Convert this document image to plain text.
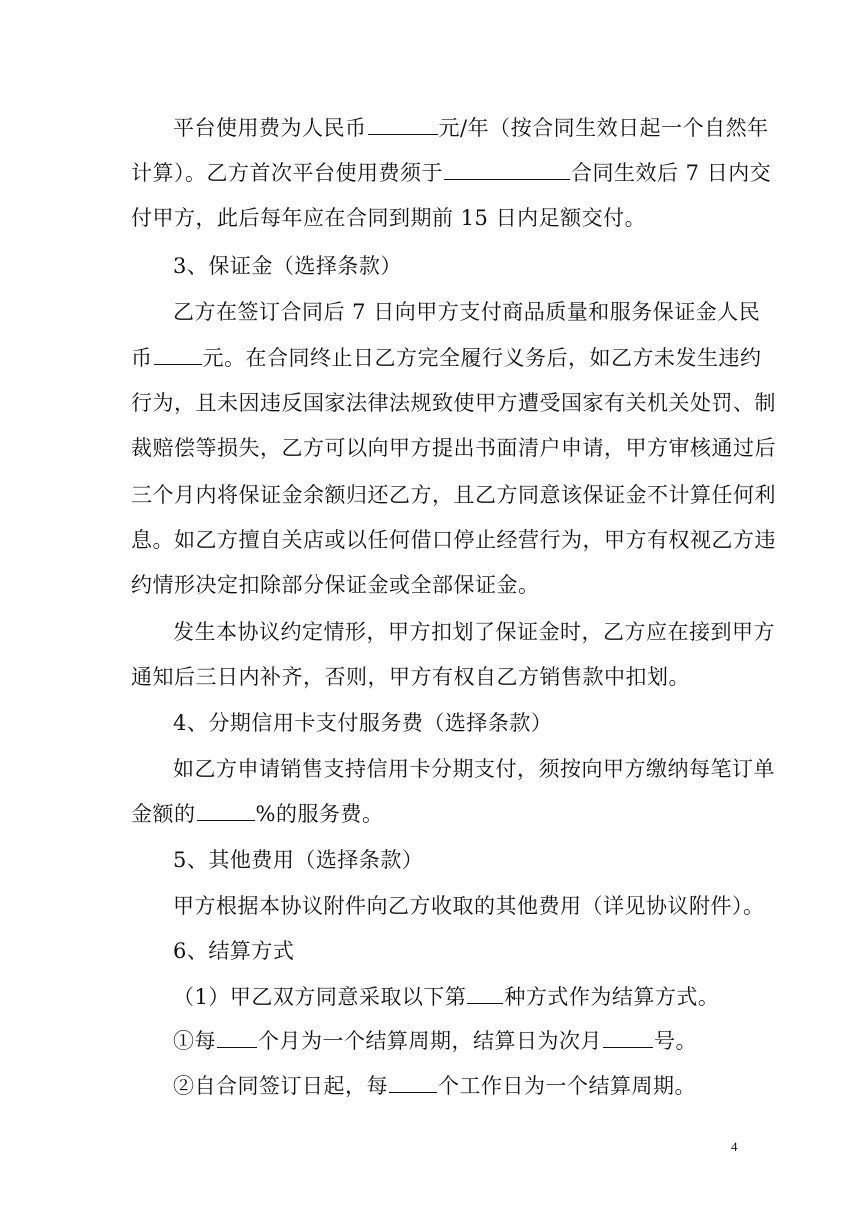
平台使用费为人民币	元/年（按合同生效日起一个自然年
计算）。乙方首次平台使用费须于	合同生效后 7 日内交
付甲方，此后每年应在合同到期前 15 日内足额交付。
3、保证金（选择条款）
乙方在签订合同后 7 日向甲方支付商品质量和服务保证金人民
币 元。在合同终止日乙方完全履行义务后，如乙方未发生违约
行为，且未因违反国家法律法规致使甲方遭受国家有关机关处罚、制
裁赔偿等损失，乙方可以向甲方提出书面清户申请，甲方审核通过后
三个月内将保证金余额归还乙方，且乙方同意该保证金不计算任何利
息。如乙方擅自关店或以任何借口停止经营行为，甲方有权视乙方违
约情形决定扣除部分保证金或全部保证金。
发生本协议约定情形，甲方扣划了保证金时，乙方应在接到甲方
通知后三日内补齐，否则，甲方有权自乙方销售款中扣划。
4、分期信用卡支付服务费（选择条款）
如乙方申请销售支持信用卡分期支付，须按向甲方缴纳每笔订单
金额的	%的服务费。
5、其他费用（选择条款）
甲方根据本协议附件向乙方收取的其他费用（详见协议附件）。
6、结算方式
（1）甲乙双方同意采取以下第 种方式作为结算方式。
①每 个月为一个结算周期，结算日为次月 号。
②自合同签订日起，每 个工作日为一个结算周期。
4
